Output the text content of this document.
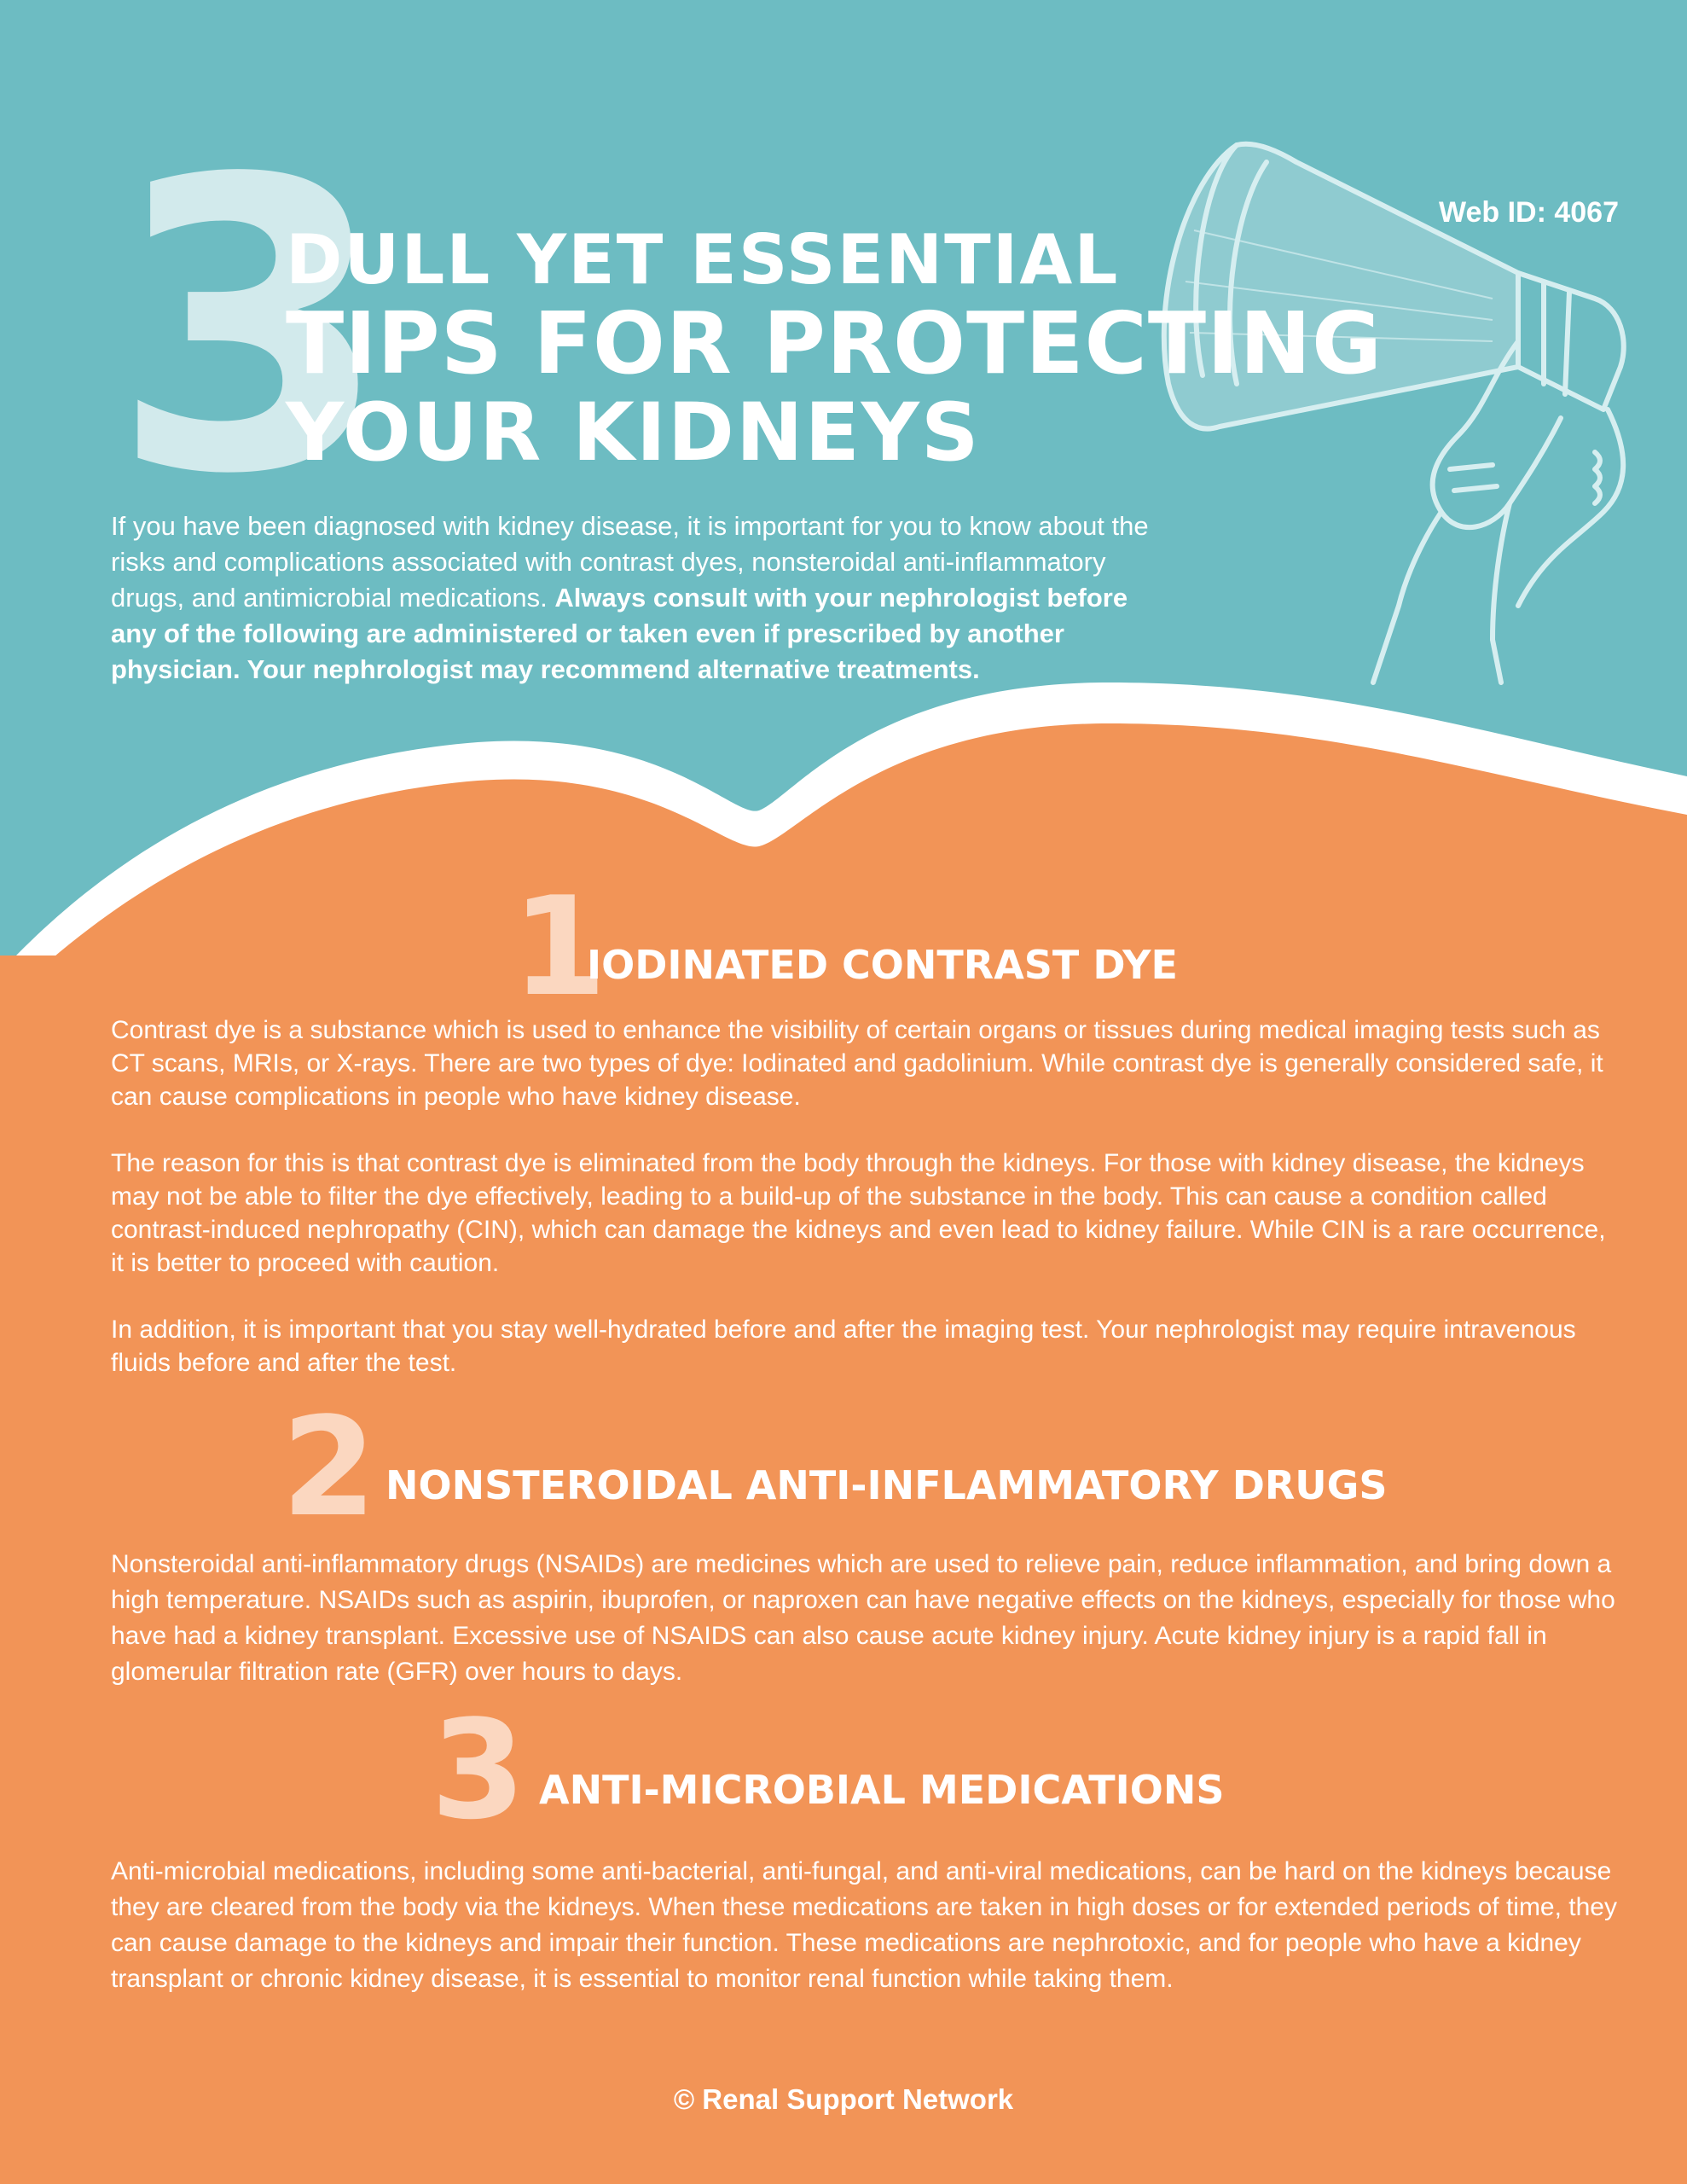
Web ID: 4067
3
DULL YET ESSENTIAL
TIPS FOR PROTECTING
YOUR KIDNEYS
If you have been diagnosed with kidney disease, it is important for you to know about the risks and complications associated with contrast dyes, nonsteroidal anti-inflammatory drugs, and antimicrobial medications. Always consult with your nephrologist before any of the following are administered or taken even if prescribed by another physician. Your nephrologist may recommend alternative treatments.
1
IODINATED CONTRAST DYE
Contrast dye is a substance which is used to enhance the visibility of certain organs or tissues during medical imaging tests such as CT scans, MRIs, or X-rays. There are two types of dye: Iodinated and gadolinium. While contrast dye is generally considered safe, it can cause complications in people who have kidney disease.
The reason for this is that contrast dye is eliminated from the body through the kidneys. For those with kidney disease, the kidneys may not be able to filter the dye effectively, leading to a build-up of the substance in the body. This can cause a condition called contrast-induced nephropathy (CIN), which can damage the kidneys and even lead to kidney failure. While CIN is a rare occurrence, it is better to proceed with caution.
In addition, it is important that you stay well-hydrated before and after the imaging test. Your nephrologist may require intravenous fluids before and after the test.
2 NONSTEROIDAL ANTI-INFLAMMATORY DRUGS
Nonsteroidal anti-inflammatory drugs (NSAIDs) are medicines which are used to relieve pain, reduce inflammation, and bring down a high temperature. NSAIDs such as aspirin, ibuprofen, or naproxen can have negative effects on the kidneys, especially for those who have had a kidney transplant. Excessive use of NSAIDS can also cause acute kidney injury. Acute kidney injury is a rapid fall in glomerular filtration rate (GFR) over hours to days.
3 ANTI-MICROBIAL MEDICATIONS
Anti-microbial medications, including some anti-bacterial, anti-fungal, and anti-viral medications, can be hard on the kidneys because they are cleared from the body via the kidneys. When these medications are taken in high doses or for extended periods of time, they can cause damage to the kidneys and impair their function. These medications are nephrotoxic, and for people who have a kidney transplant or chronic kidney disease, it is essential to monitor renal function while taking them.
© Renal Support Network
